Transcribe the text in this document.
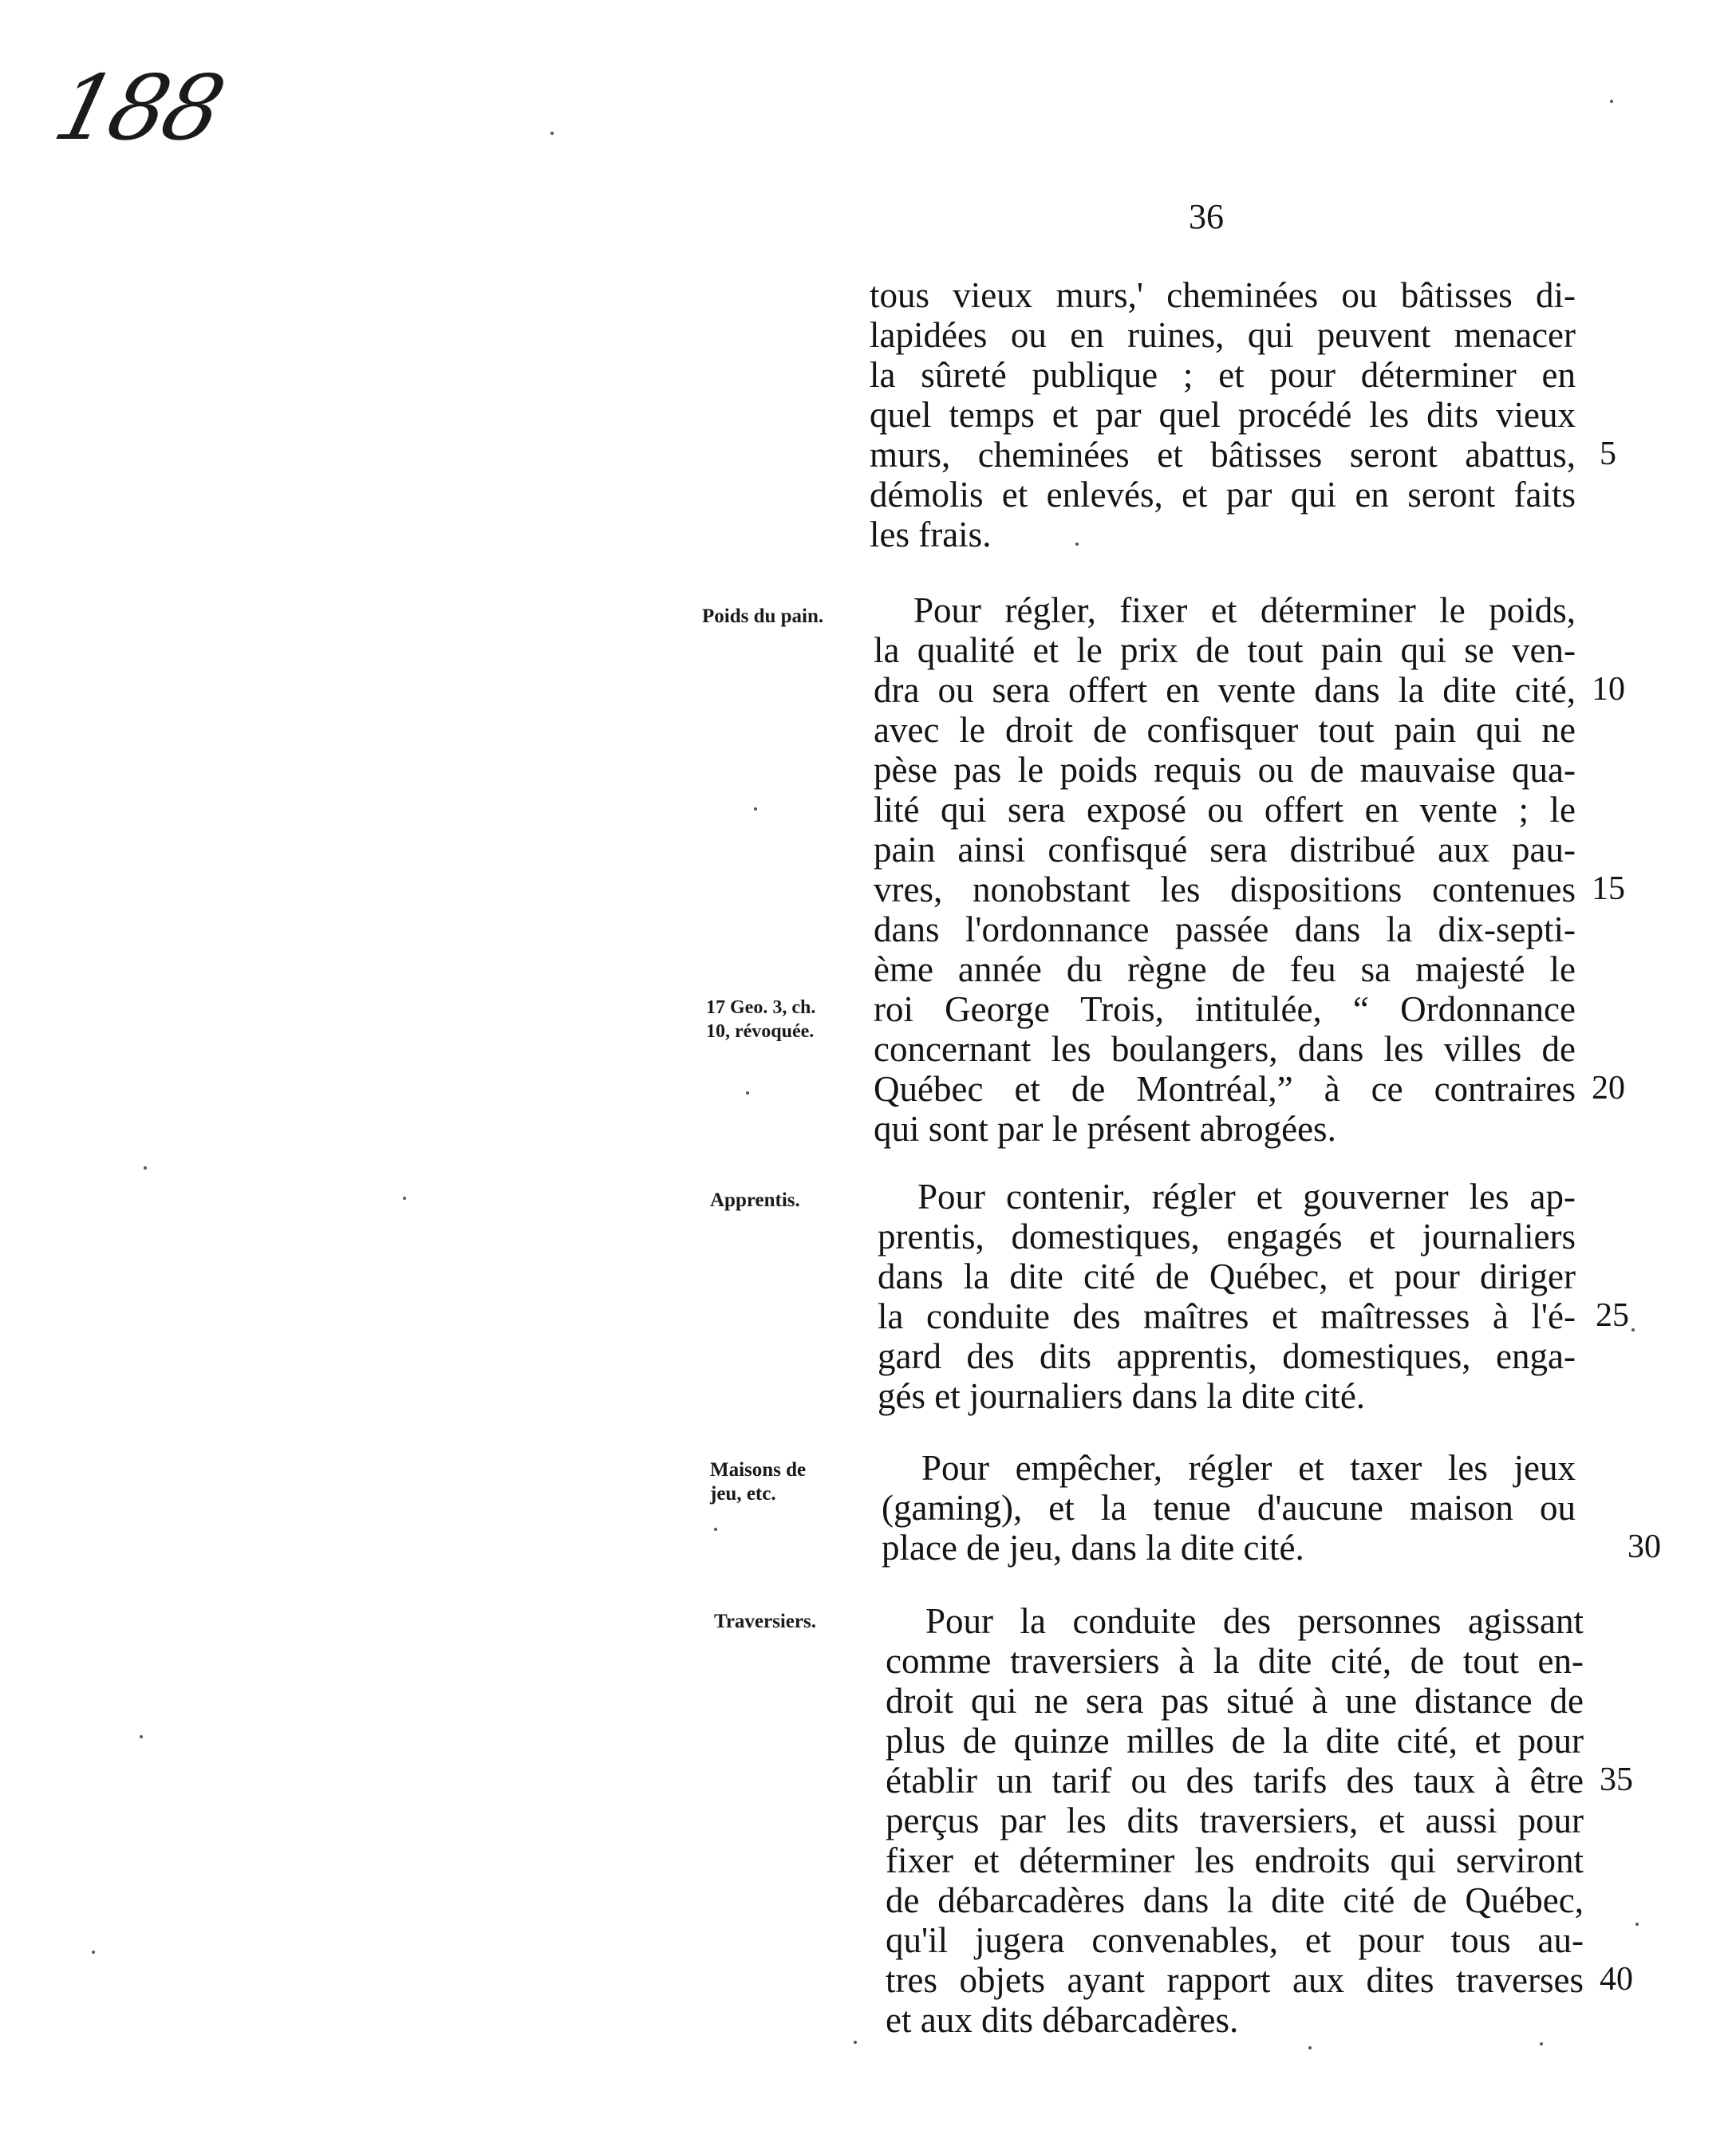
188
36
tous vieux murs,' cheminées ou bâtisses di-
lapidées ou en ruines, qui peuvent menacer
la sûreté publique ; et pour déterminer en
quel temps et par quel procédé les dits vieux
murs, cheminées et bâtisses seront abattus,
démolis et enlevés, et par qui en seront faits
les frais.
Poids du pain.	Pour régler, fixer et déterminer le poids,
la qualité et le prix de tout pain qui se ven-
dra ou sera offert en vente dans la dite cité,
avec le droit de confisquer tout pain qui ne
pèse pas le poids requis ou de mauvaise qua-
lité qui sera exposé ou offert en vente ; le
pain ainsi confisqué sera distribué aux pau-
vres, nonobstant les dispositions contenues
dans l'ordonnance passée dans la dix-septi-
ème année du règne de feu sa majesté le
roi George Trois, intitulée, “ Ordonnance
concernant les boulangers, dans les villes de
Québec et de Montréal,” à ce contraires
qui sont par le présent abrogées.
17 Geo. 3, ch.
10, révoquée.
Apprentis.	Pour contenir, régler et gouverner les ap-
prentis, domestiques, engagés et journaliers
dans la dite cité de Québec, et pour diriger
la conduite des maîtres et maîtresses à l'é-
gard des dits apprentis, domestiques, enga-
gés et journaliers dans la dite cité.
Maisons de
jeu, etc.
Pour empêcher, régler et taxer les jeux
(gaming), et la tenue d'aucune maison ou
place de jeu, dans la dite cité.
Traversiers.	Pour la conduite des personnes agissant
comme traversiers à la dite cité, de tout en-
droit qui ne sera pas situé à une distance de
plus de quinze milles de la dite cité, et pour
établir un tarif ou des tarifs des taux à être
perçus par les dits traversiers, et aussi pour
fixer et déterminer les endroits qui serviront
de débarcadères dans la dite cité de Québec,
qu'il jugera convenables, et pour tous au-
tres objets ayant rapport aux dites traverses
et aux dits débarcadères.
5
10
15
20
25
30
35
40
